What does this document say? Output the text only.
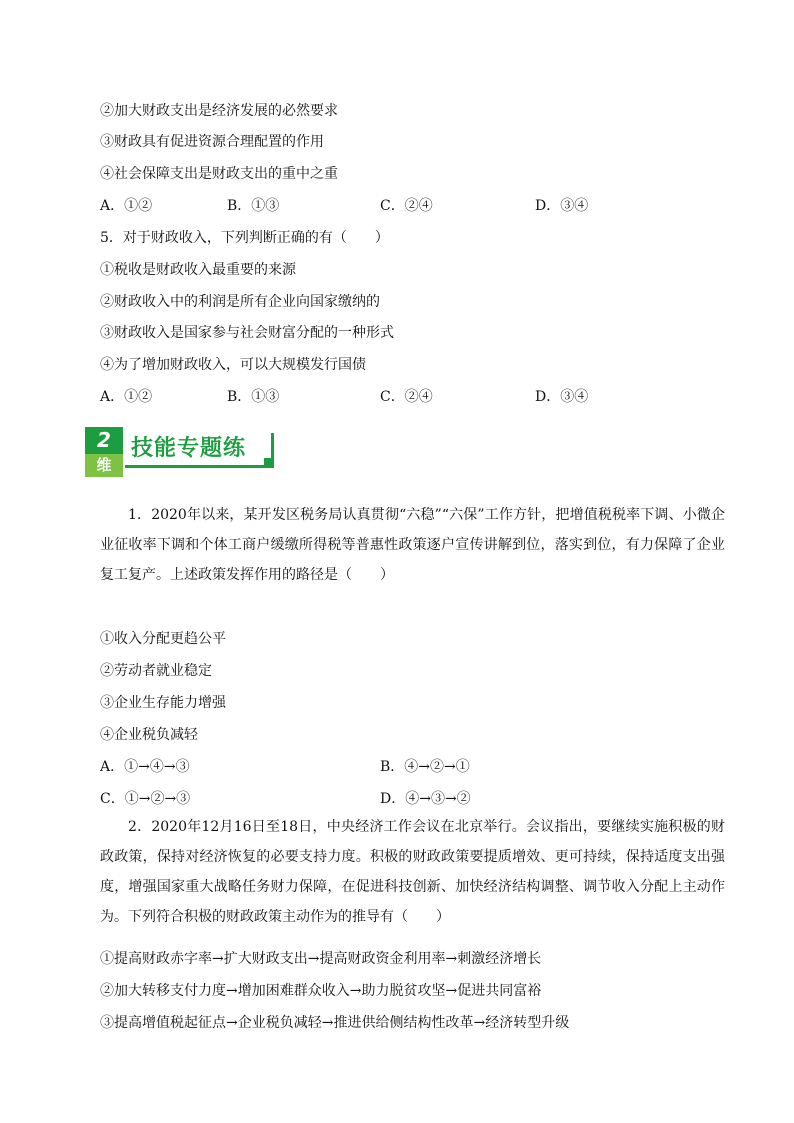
②加大财政支出是经济发展的必然要求
③财政具有促进资源合理配置的作用
④社会保障支出是财政支出的重中之重
A．①②	B．①③	C．②④	D．③④
5．对于财政收入，下列判断正确的有（　　）
①税收是财政收入最重要的来源
②财政收入中的利润是所有企业向国家缴纳的
③财政收入是国家参与社会财富分配的一种形式
④为了增加财政收入，可以大规模发行国债
A．①②	B．①③	C．②④	D．③④
2
维
技能专题练
1．2020年以来，某开发区税务局认真贯彻“六稳”“六保”工作方针，把增值税税率下调、小微企业征收率下调和个体工商户缓缴所得税等普惠性政策逐户宣传讲解到位，落实到位，有力保障了企业复工复产。上述政策发挥作用的路径是（　　）
①收入分配更趋公平
②劳动者就业稳定
③企业生存能力增强
④企业税负减轻
A．①→④→③	B．④→②→①
C．①→②→③	D．④→③→②
2．2020年12月16日至18日，中央经济工作会议在北京举行。会议指出，要继续实施积极的财政政策，保持对经济恢复的必要支持力度。积极的财政政策要提质增效、更可持续，保持适度支出强度，增强国家重大战略任务财力保障，在促进科技创新、加快经济结构调整、调节收入分配上主动作为。下列符合积极的财政政策主动作为的推导有（　　）
①提高财政赤字率→扩大财政支出→提高财政资金利用率→刺激经济增长
②加大转移支付力度→增加困难群众收入→助力脱贫攻坚→促进共同富裕
③提高增值税起征点→企业税负减轻→推进供给侧结构性改革→经济转型升级
